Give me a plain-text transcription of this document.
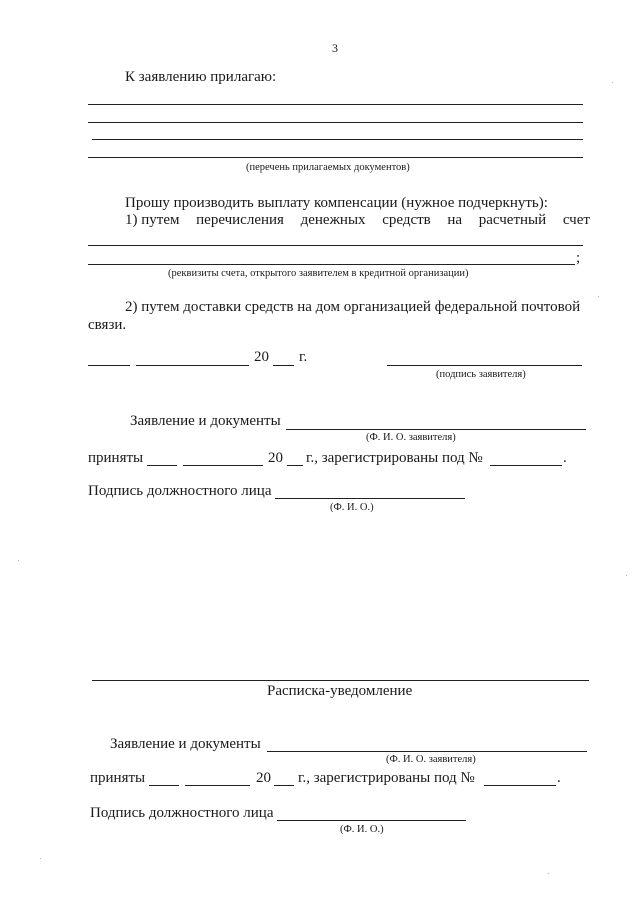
3
К заявлению прилагаю:
(перечень прилагаемых документов)
Прошу производить выплату компенсации (нужное подчеркнуть):
1) путем перечисления денежных средств на расчетный счет
;
(реквизиты счета, открытого заявителем в кредитной организации)
2) путем доставки средств на дом организацией федеральной почтовой
связи.
20 г.
(подпись заявителя)
Заявление и документы
(Ф. И. О. заявителя)
приняты	20 г., зарегистрированы под №	.
Подпись должностного лица
(Ф. И. О.)
Расписка-уведомление
Заявление и документы
(Ф. И. О. заявителя)
приняты	20 г., зарегистрированы под №	.
Подпись должностного лица
(Ф. И. О.)
